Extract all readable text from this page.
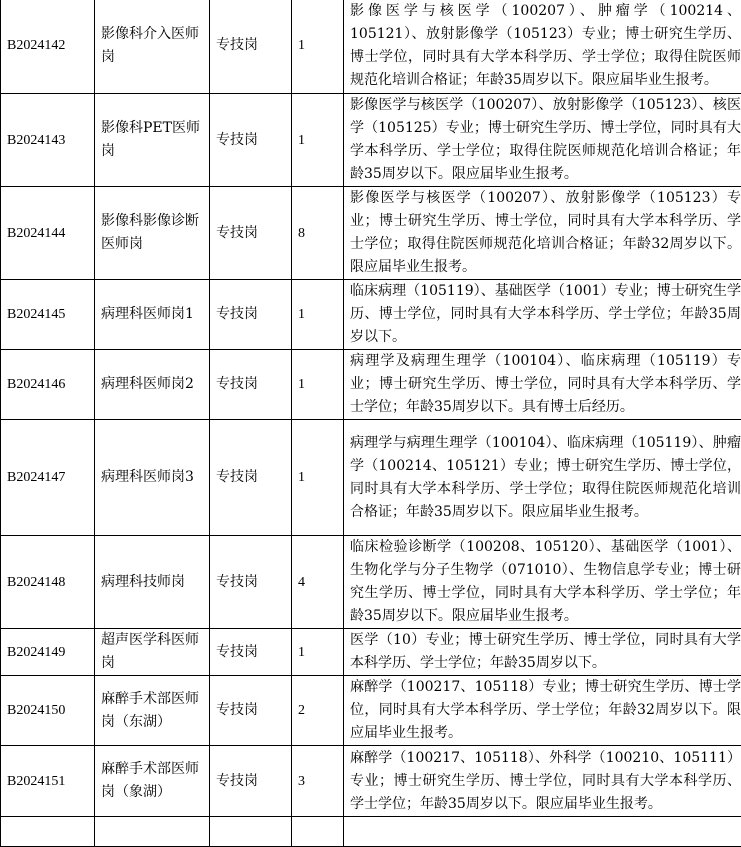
B2024142	影像科介入医师岗	专技岗	1	影像医学与核医学（100207）、肿瘤学（100214、105121）、放射影像学（105123）专业；博士研究生学历、博士学位，同时具有大学本科学历、学士学位；取得住院医师规范化培训合格证；年龄35周岁以下。限应届毕业生报考。
B2024143	影像科PET医师岗	专技岗	1	影像医学与核医学（100207）、放射影像学（105123）、核医学（105125）专业；博士研究生学历、博士学位，同时具有大学本科学历、学士学位；取得住院医师规范化培训合格证；年龄35周岁以下。限应届毕业生报考。
B2024144	影像科影像诊断医师岗	专技岗	8	影像医学与核医学（100207）、放射影像学（105123）专业；博士研究生学历、博士学位，同时具有大学本科学历、学士学位；取得住院医师规范化培训合格证；年龄32周岁以下。限应届毕业生报考。
B2024145	病理科医师岗1	专技岗	1	临床病理（105119）、基础医学（1001）专业；博士研究生学历、博士学位，同时具有大学本科学历、学士学位；年龄35周岁以下。
B2024146	病理科医师岗2	专技岗	1	病理学及病理生理学（100104）、临床病理（105119）专业；博士研究生学历、博士学位，同时具有大学本科学历、学士学位；年龄35周岁以下。具有博士后经历。
B2024147	病理科医师岗3	专技岗	1	病理学与病理生理学（100104）、临床病理（105119）、肿瘤学（100214、105121）专业；博士研究生学历、博士学位，同时具有大学本科学历、学士学位；取得住院医师规范化培训合格证；年龄35周岁以下。限应届毕业生报考。
B2024148	病理科技师岗	专技岗	4	临床检验诊断学（100208、105120）、基础医学（1001）、生物化学与分子生物学（071010）、生物信息学专业；博士研究生学历、博士学位，同时具有大学本科学历、学士学位；年龄35周岁以下。限应届毕业生报考。
B2024149	超声医学科医师岗	专技岗	1	医学（10）专业；博士研究生学历、博士学位，同时具有大学本科学历、学士学位；年龄35周岁以下。
B2024150	麻醉手术部医师岗（东湖）	专技岗	2	麻醉学（100217、105118）专业；博士研究生学历、博士学位，同时具有大学本科学历、学士学位；年龄32周岁以下。限应届毕业生报考。
B2024151	麻醉手术部医师岗（象湖）	专技岗	3	麻醉学（100217、105118）、外科学（100210、105111）专业；博士研究生学历、博士学位，同时具有大学本科学历、学士学位；年龄35周岁以下。限应届毕业生报考。
